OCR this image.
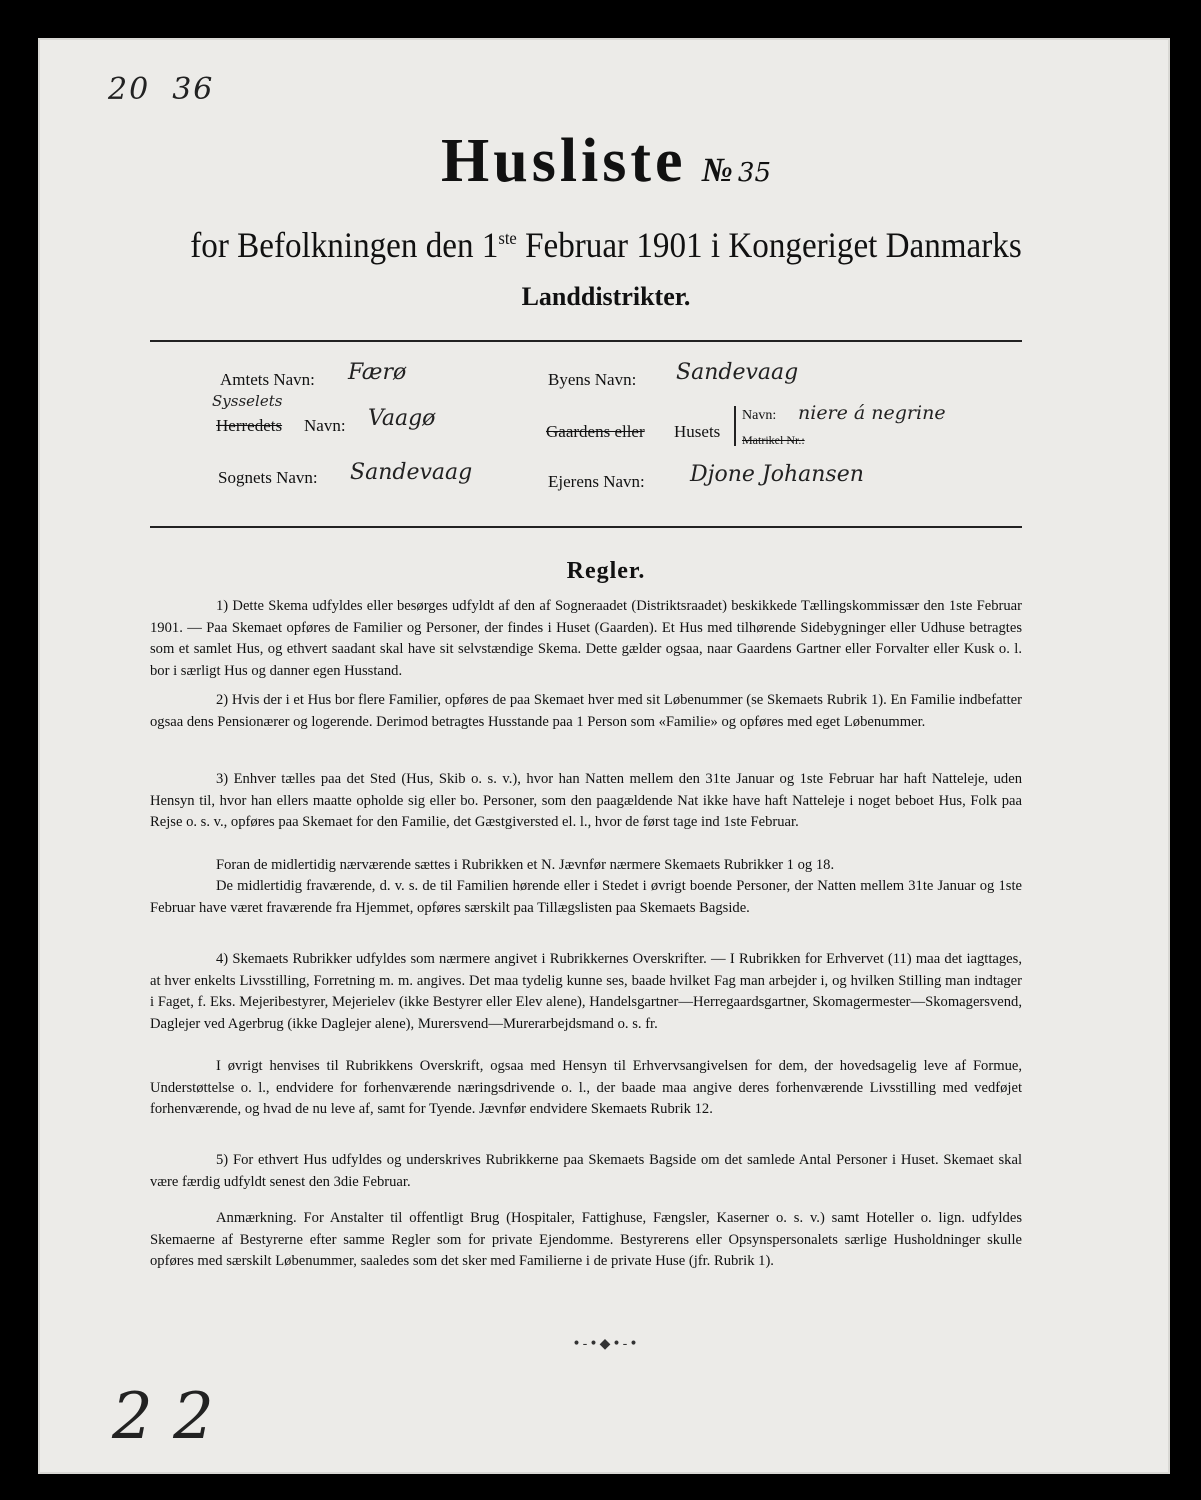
20 36
Husliste № 35
for Befolkningen den 1ste Februar 1901 i Kongeriget Danmarks
Landdistrikter.
Amtets Navn: Færø
Sysselets
Herredets Navn: Vaagø
Sognets Navn: Sandevaag
Byens Navn: Sandevaag
Gaardens eller Husets
Navn: niere á negrine
Matrikel Nr.:
Ejerens Navn: Djone Johansen
Regler.

1) Dette Skema udfyldes eller besørges udfyldt af den af Sogneraadet (Distriktsraadet) beskikkede Tællingskommissær den 1ste Februar 1901. — Paa Skemaet opføres de Familier og Personer, der findes i Huset (Gaarden). Et Hus med tilhørende Sidebygninger eller Udhuse betragtes som et samlet Hus, og ethvert saadant skal have sit selvstændige Skema. Dette gælder ogsaa, naar Gaardens Gartner eller Forvalter eller Kusk o. l. bor i særligt Hus og danner egen Husstand.

2) Hvis der i et Hus bor flere Familier, opføres de paa Skemaet hver med sit Løbenummer (se Skemaets Rubrik 1). En Familie indbefatter ogsaa dens Pensionærer og logerende. Derimod betragtes Husstande paa 1 Person som «Familie» og opføres med eget Løbenummer.

3) Enhver tælles paa det Sted (Hus, Skib o. s. v.), hvor han Natten mellem den 31te Januar og 1ste Februar har haft Natteleje, uden Hensyn til, hvor han ellers maatte opholde sig eller bo. Personer, som den paagældende Nat ikke have haft Natteleje i noget beboet Hus, Folk paa Rejse o. s. v., opføres paa Skemaet for den Familie, det Gæstgiversted el. l., hvor de først tage ind 1ste Februar.

Foran de midlertidig nærværende sættes i Rubrikken et N. Jævnfør nærmere Skemaets Rubrikker 1 og 18.

De midlertidig fraværende, d. v. s. de til Familien hørende eller i Stedet i øvrigt boende Personer, der Natten mellem 31te Januar og 1ste Februar have været fraværende fra Hjemmet, opføres særskilt paa Tillægslisten paa Skemaets Bagside.

4) Skemaets Rubrikker udfyldes som nærmere angivet i Rubrikkernes Overskrifter. — I Rubrikken for Erhvervet (11) maa det iagttages, at hver enkelts Livsstilling, Forretning m. m. angives. Det maa tydelig kunne ses, baade hvilket Fag man arbejder i, og hvilken Stilling man indtager i Faget, f. Eks. Mejeribestyrer, Mejerielev (ikke Bestyrer eller Elev alene), Handelsgartner—Herregaardsgartner, Skomagermester—Skomagersvend, Daglejer ved Agerbrug (ikke Daglejer alene), Murersvend—Murerarbejdsmand o. s. fr.

I øvrigt henvises til Rubrikkens Overskrift, ogsaa med Hensyn til Erhvervsangivelsen for dem, der hovedsagelig leve af Formue, Understøttelse o. l., endvidere for forhenværende næringsdrivende o. l., der baade maa angive deres forhenværende Livsstilling med vedføjet forhenværende, og hvad de nu leve af, samt for Tyende. Jævnfør endvidere Skemaets Rubrik 12.

5) For ethvert Hus udfyldes og underskrives Rubrikkerne paa Skemaets Bagside om det samlede Antal Personer i Huset. Skemaet skal være færdig udfyldt senest den 3die Februar.

Anmærkning. For Anstalter til offentligt Brug (Hospitaler, Fattighuse, Fængsler, Kaserner o. s. v.) samt Hoteller o. lign. udfyldes Skemaerne af Bestyrerne efter samme Regler som for private Ejendomme. Bestyrerens eller Opsynspersonalets særlige Husholdninger skulle opføres med særskilt Løbenummer, saaledes som det sker med Familierne i de private Huse (jfr. Rubrik 1).

•-•◆•-•
2 2
